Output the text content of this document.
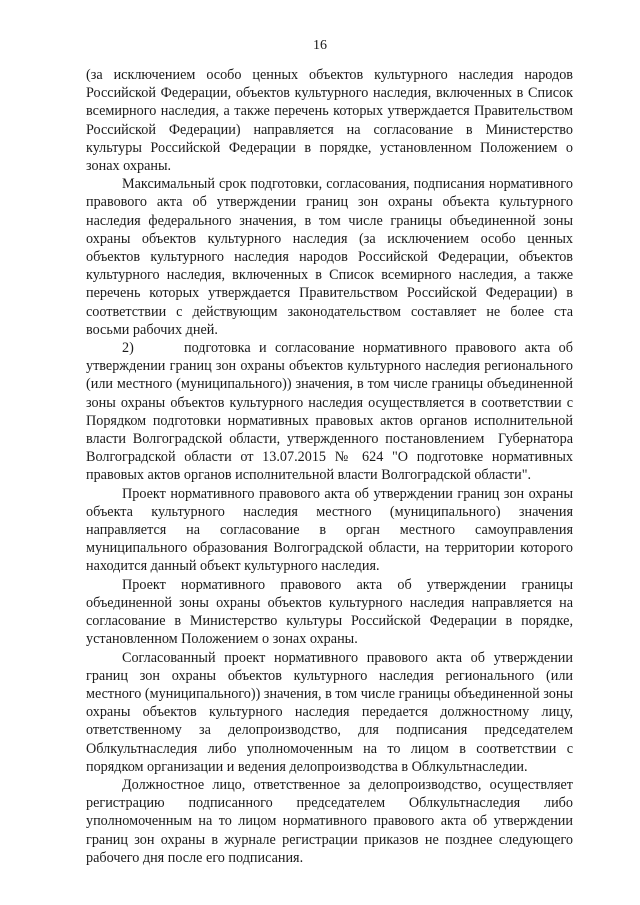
16

(за исключением особо ценных объектов культурного наследия народов Российской Федерации, объектов культурного наследия, включенных в Список всемирного наследия, а также перечень которых утверждается Правительством Российской Федерации) направляется на согласование в Министерство культуры Российской Федерации в порядке, установленном Положением о зонах охраны.

Максимальный срок подготовки, согласования, подписания нормативного правового акта об утверждении границ зон охраны объекта культурного наследия федерального значения, в том числе границы объединенной зоны охраны объектов культурного наследия (за исключением особо ценных объектов культурного наследия народов Российской Федерации, объектов культурного наследия, включенных в Список всемирного наследия, а также перечень которых утверждается Правительством Российской Федерации) в соответствии с действующим законодательством составляет не более ста восьми рабочих дней.

2)      подготовка и согласование нормативного правового акта об утверждении границ зон охраны объектов культурного наследия регионального (или местного (муниципального)) значения, в том числе границы объединенной зоны охраны объектов культурного наследия осуществляется в соответствии с Порядком подготовки нормативных правовых актов органов исполнительной власти Волгоградской области, утвержденного постановлением  Губернатора Волгоградской области от 13.07.2015 № 624 "О подготовке нормативных правовых актов органов исполнительной власти Волгоградской области".

Проект нормативного правового акта об утверждении границ зон охраны объекта культурного наследия местного (муниципального) значения направляется на согласование в орган местного самоуправления муниципального образования Волгоградской области, на территории которого находится данный объект культурного наследия.

Проект нормативного правового акта об утверждении границы объединенной зоны охраны объектов культурного наследия направляется на согласование в Министерство культуры Российской Федерации в порядке, установленном Положением о зонах охраны.

Согласованный проект нормативного правового акта об утверждении границ зон охраны объектов культурного наследия регионального (или местного (муниципального)) значения, в том числе границы объединенной зоны охраны объектов культурного наследия передается должностному лицу, ответственному за делопроизводство, для подписания председателем Облкультнаследия либо уполномоченным на то лицом в соответствии с порядком организации и ведения делопроизводства в Облкультнаследии.

Должностное лицо, ответственное за делопроизводство, осуществляет регистрацию подписанного председателем Облкультнаследия либо уполномоченным на то лицом нормативного правового акта об утверждении границ зон охраны в журнале регистрации приказов не позднее следующего рабочего дня после его подписания.
